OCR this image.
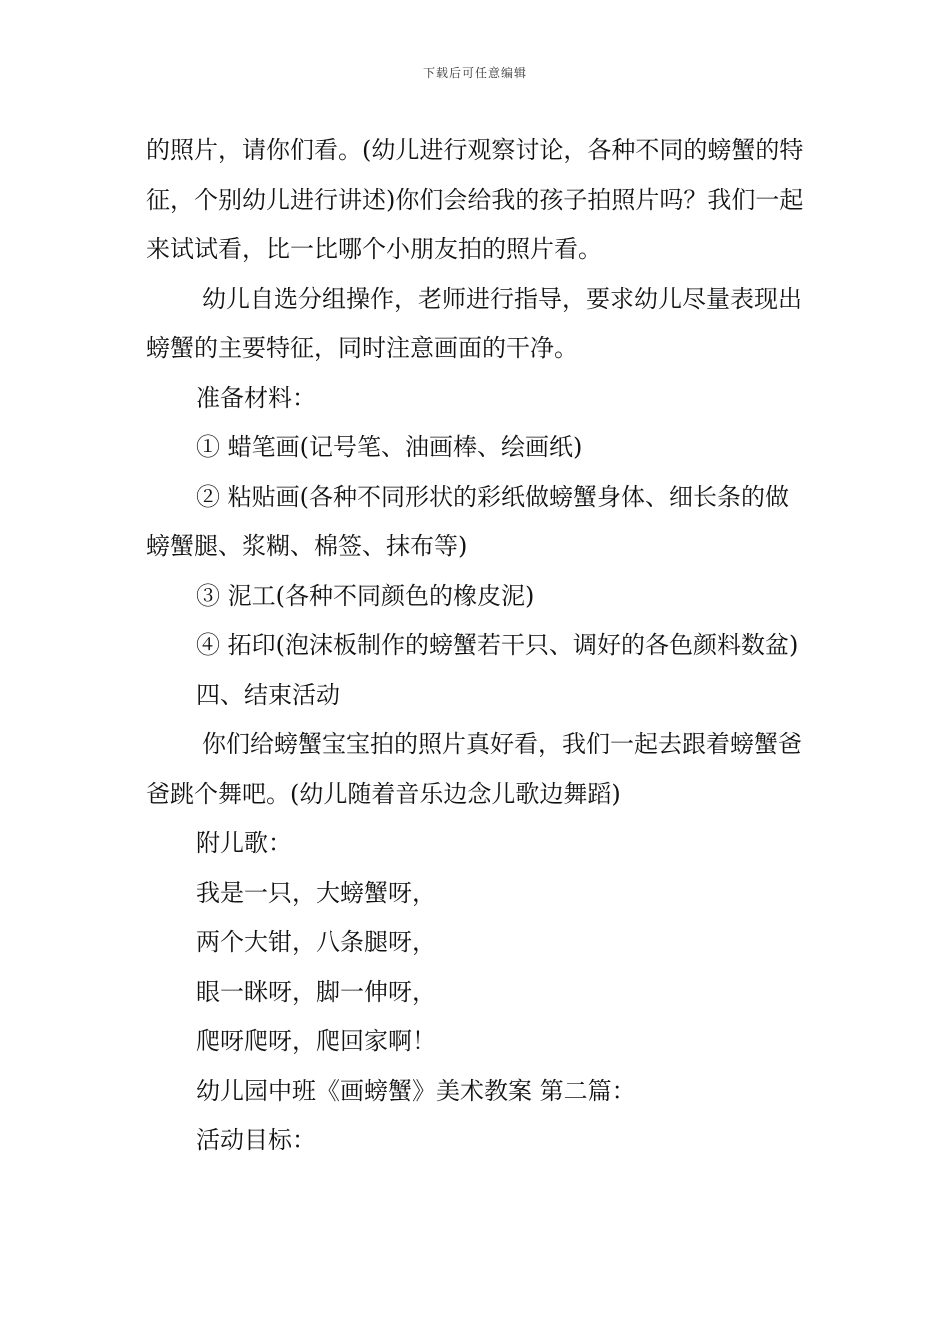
下载后可任意编辑

的照片，请你们看。(幼儿进行观察讨论，各种不同的螃蟹的特征，个别幼儿进行讲述)你们会给我的孩子拍照片吗？我们一起来试试看，比一比哪个小朋友拍的照片看。

幼儿自选分组操作，老师进行指导，要求幼儿尽量表现出螃蟹的主要特征，同时注意画面的干净。

准备材料：

① 蜡笔画(记号笔、油画棒、绘画纸)

② 粘贴画(各种不同形状的彩纸做螃蟹身体、细长条的做螃蟹腿、浆糊、棉签、抹布等)

③ 泥工(各种不同颜色的橡皮泥)

④ 拓印(泡沫板制作的螃蟹若干只、调好的各色颜料数盆)

四、结束活动

你们给螃蟹宝宝拍的照片真好看，我们一起去跟着螃蟹爸爸跳个舞吧。(幼儿随着音乐边念儿歌边舞蹈)

附儿歌：

我是一只，大螃蟹呀，

两个大钳，八条腿呀，

眼一眯呀，脚一伸呀，

爬呀爬呀，爬回家啊！

幼儿园中班《画螃蟹》美术教案 第二篇：

活动目标：
